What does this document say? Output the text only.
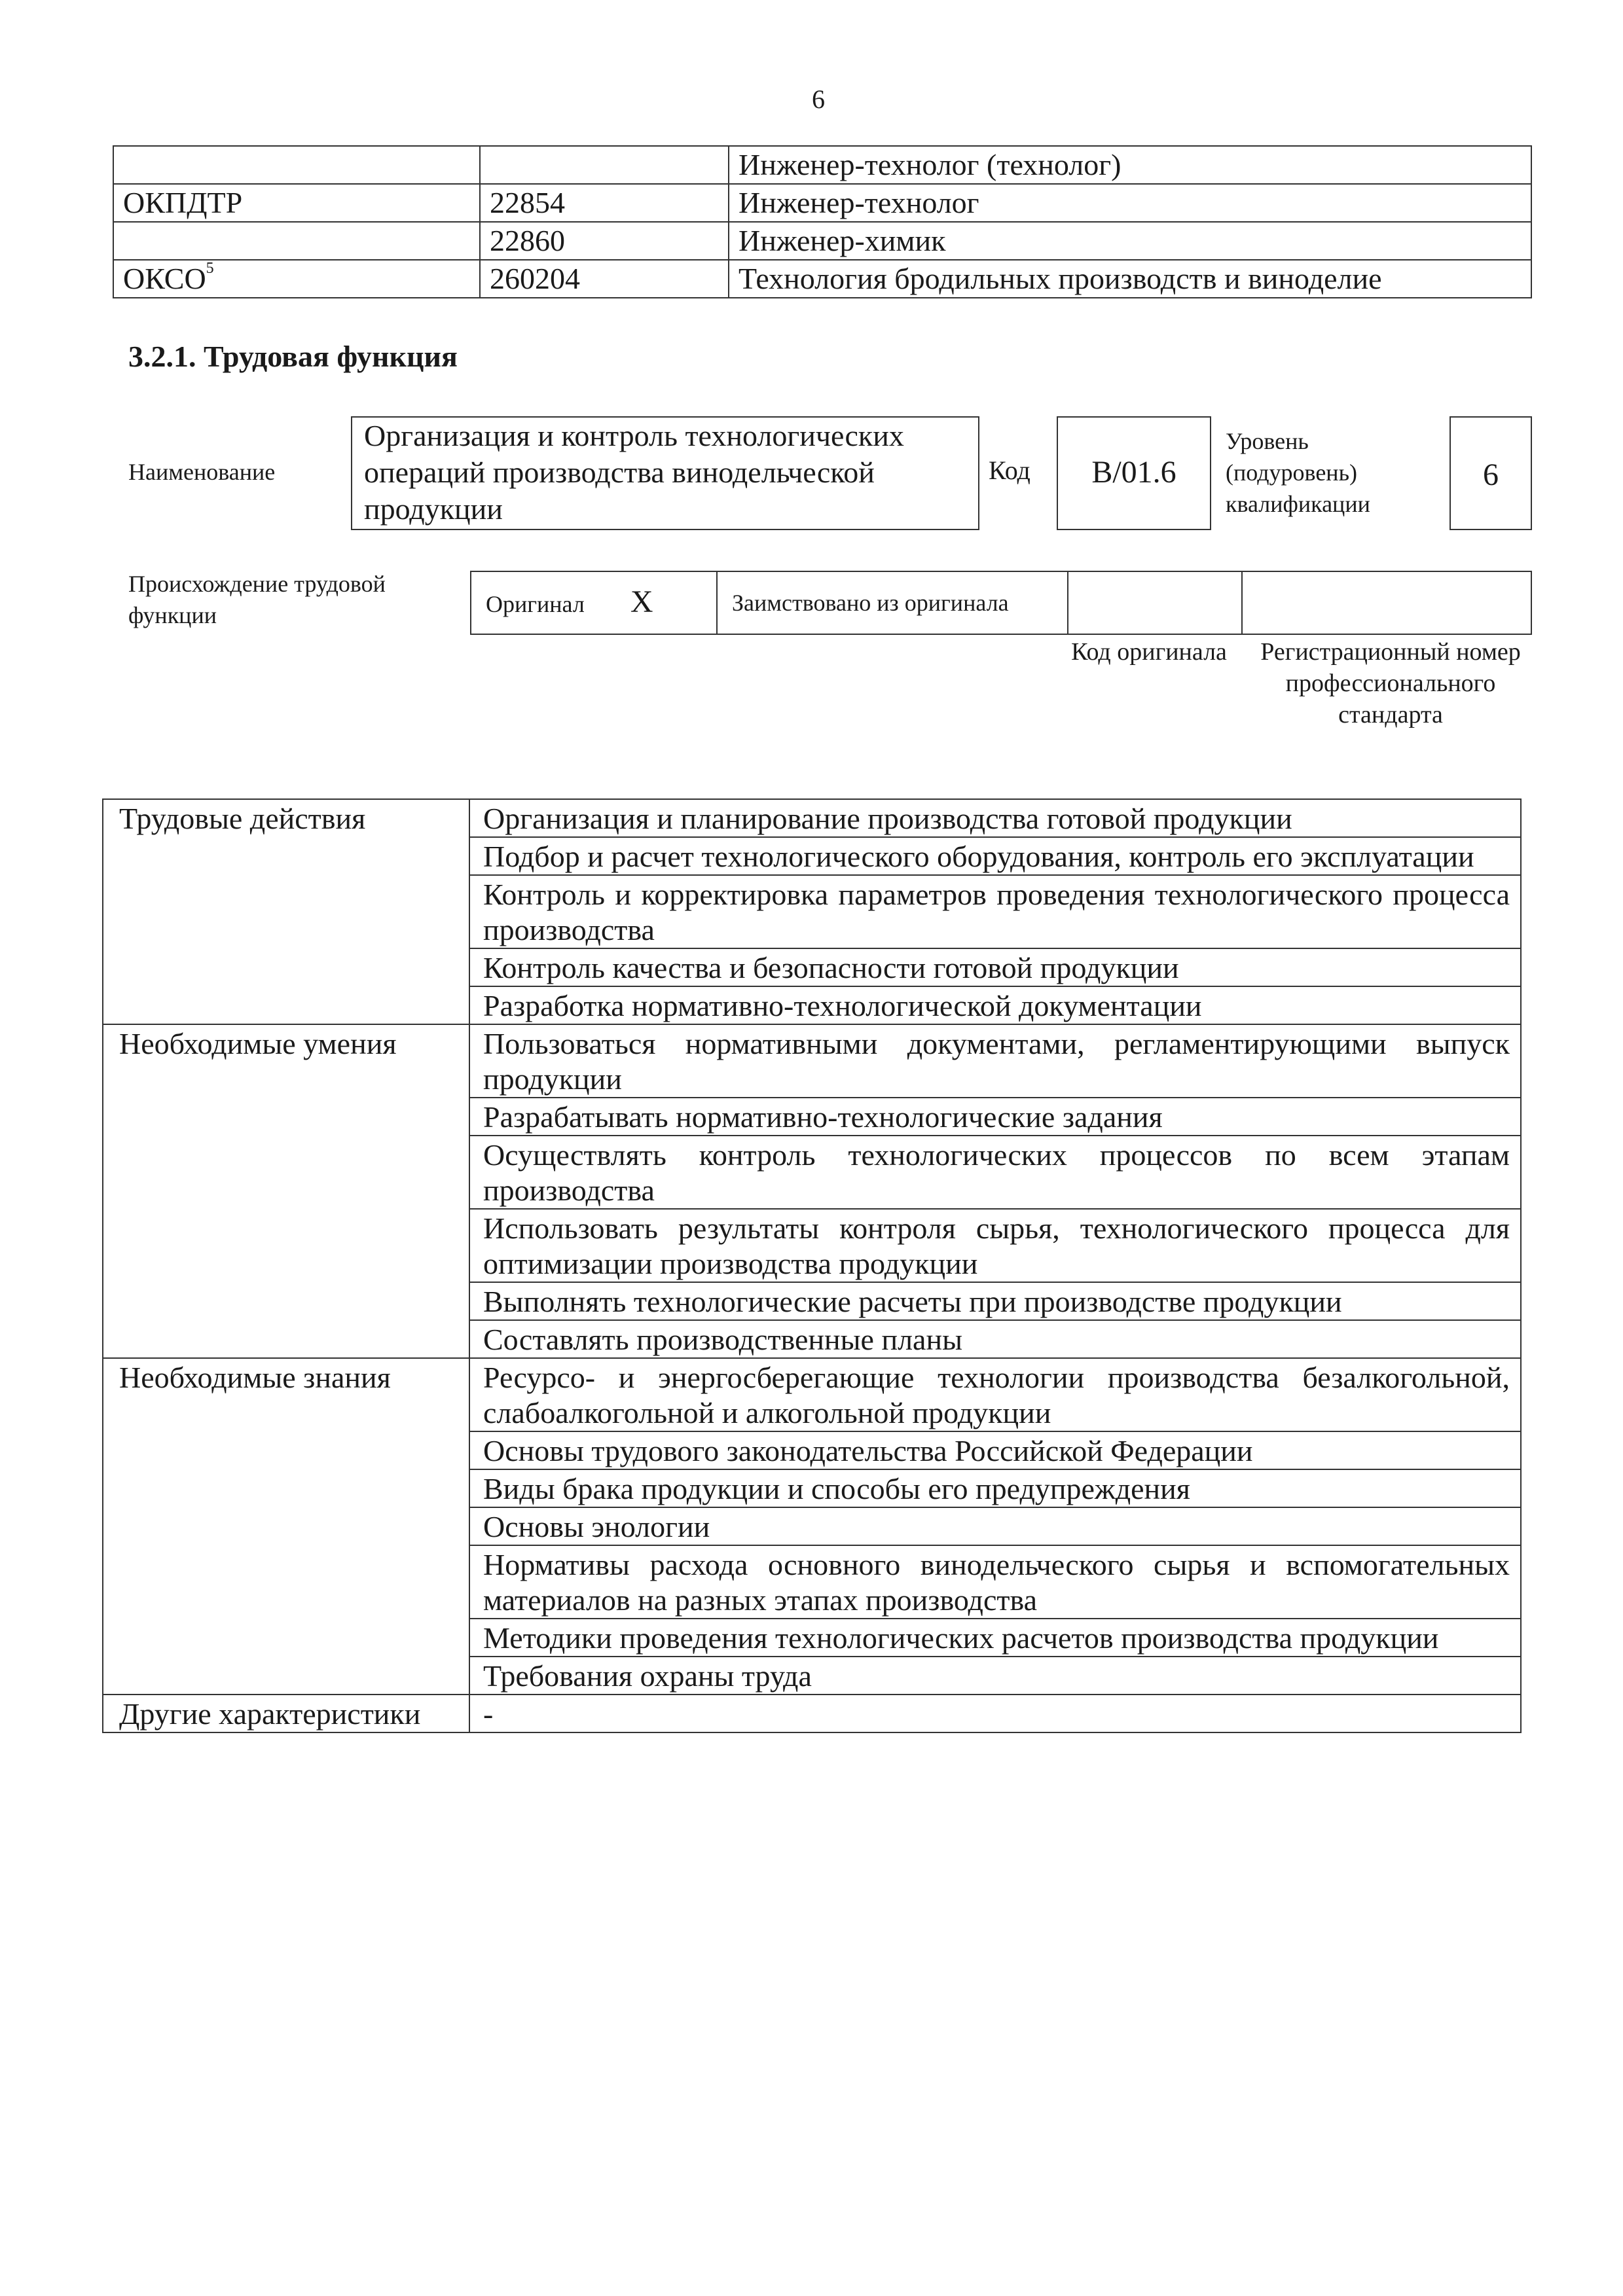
6
		Инженер-технолог (технолог)
ОКПДТР	22854	Инженер-технолог
	22860	Инженер-химик
ОКСО$^5$	260204	Технология бродильных производств и виноделие
3.2.1. Трудовая функция
Наименование
Организация и контроль технологических операций производства винодельческой продукции
Код	В/01.6
Уровень (подуровень) квалификации
6
Происхождение трудовой функции	Оригинал X	Заимствовано из оригинала		
Код оригинала	Регистрационный номер профессионального стандарта
Трудовые действия	Организация и планирование производства готовой продукции
	Подбор и расчет технологического оборудования, контроль его эксплуатации
	Контроль и корректировка параметров проведения технологического процесса производства
	Контроль качества и безопасности готовой продукции
	Разработка нормативно-технологической документации
Необходимые умения	Пользоваться нормативными документами, регламентирующими выпуск продукции
	Разрабатывать нормативно-технологические задания
	Осуществлять контроль технологических процессов по всем этапам производства
	Использовать результаты контроля сырья, технологического процесса для оптимизации производства продукции
	Выполнять технологические расчеты при производстве продукции
	Составлять производственные планы
Необходимые знания	Ресурсо- и энергосберегающие технологии производства безалкогольной, слабоалкогольной и алкогольной продукции
	Основы трудового законодательства Российской Федерации
	Виды брака продукции и способы его предупреждения
	Основы энологии
	Нормативы расхода основного винодельческого сырья и вспомогательных материалов на разных этапах производства
	Методики проведения технологических расчетов производства продукции
	Требования охраны труда
Другие характеристики	-
